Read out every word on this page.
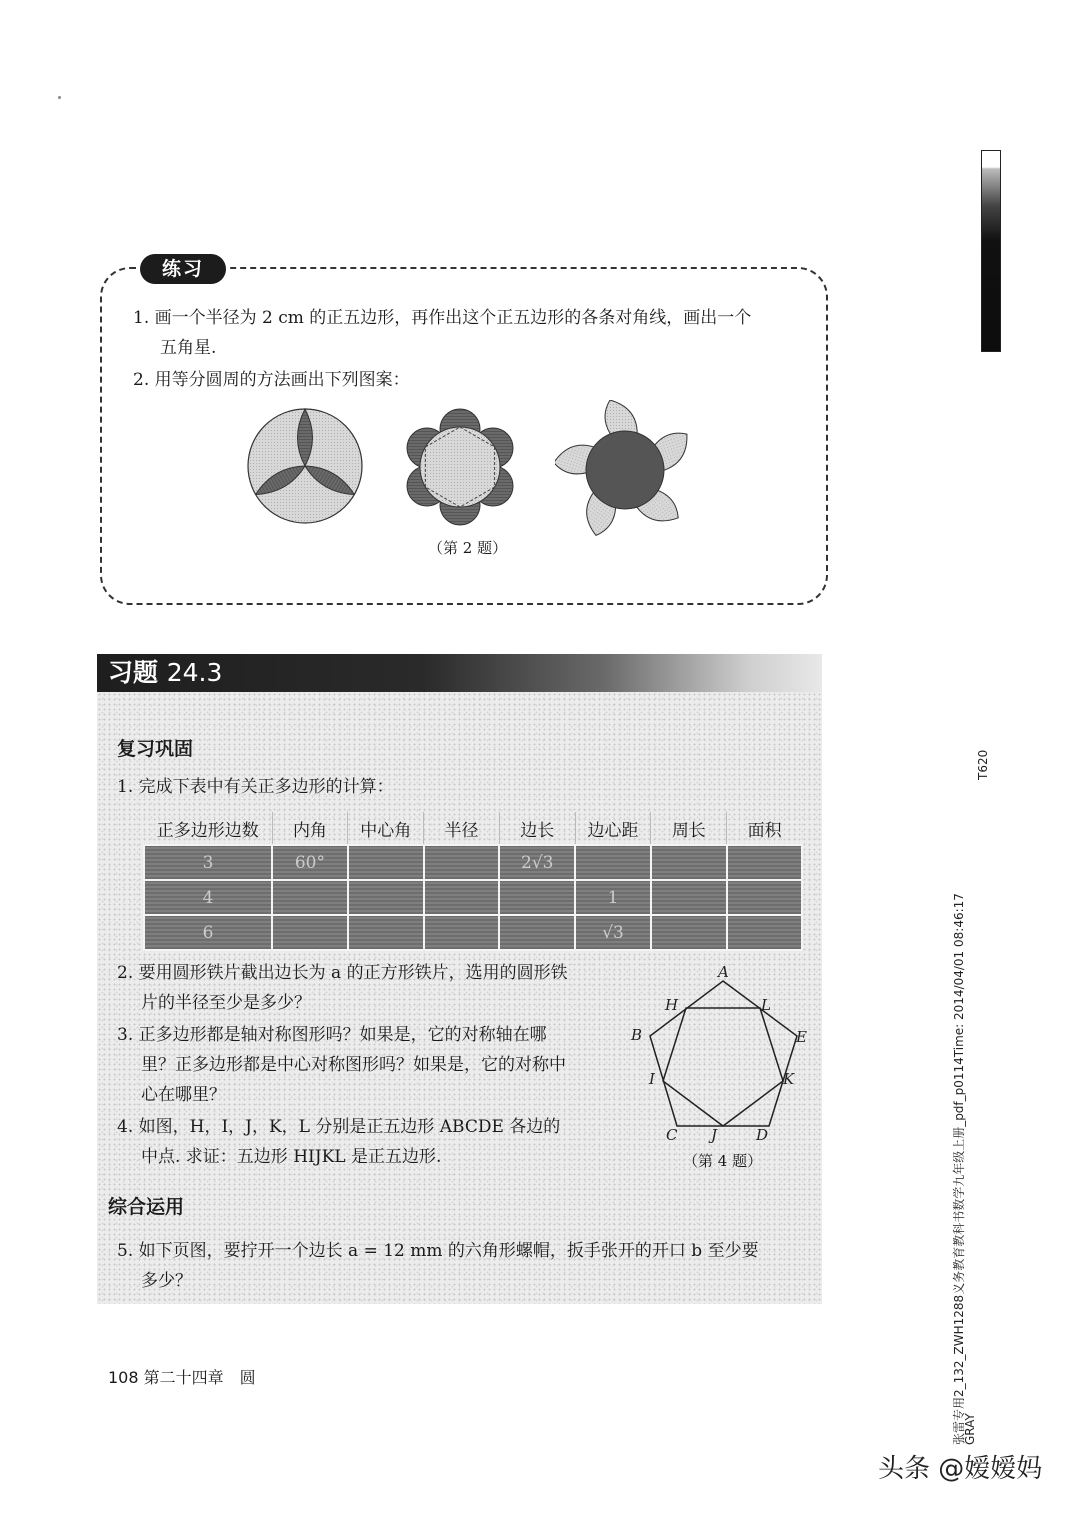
练习
1. 画一个半径为 2 cm 的正五边形，再作出这个正五边形的各条对角线，画出一个
五角星.
2. 用等分圆周的方法画出下列图案：
（第 2 题）
习题 24.3
复习巩固
1. 完成下表中有关正多边形的计算：
正多边形边数	内角	中心角	半径	边长	边心距	周长	面积
3	60°			2√3			
4					1		
6					√3		
2. 要用圆形铁片截出边长为 a 的正方形铁片，选用的圆形铁
片的半径至少是多少？
3. 正多边形都是轴对称图形吗？如果是，它的对称轴在哪
里？正多边形都是中心对称图形吗？如果是，它的对称中
心在哪里？
4. 如图，H，I，J，K，L 分别是正五边形 ABCDE 各边的
中点. 求证：五边形 HIJKL 是正五边形.
A
H	L
B	E
I	K
C J	D
（第 4 题）
综合运用
5. 如下页图，要拧开一个边长 a = 12 mm 的六角形螺帽，扳手张开的开口 b 至少要
多少？
108 第二十四章　圆
T620
张雷专用2_132_ZWH1288义务教育教科书数学九年级上册_pdf_p0114Time: 2014/04/01 08:46:17
GRAY
头条 @嫒嫒妈
